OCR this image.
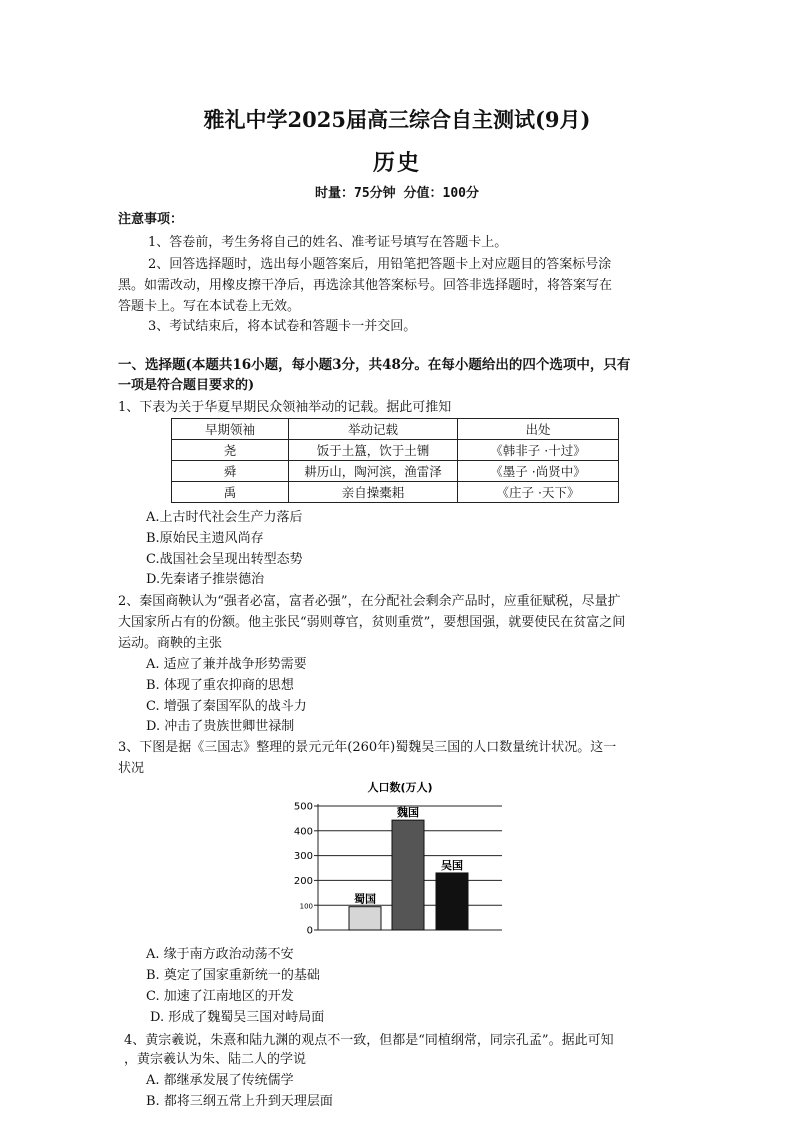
雅礼中学2025届高三综合自主测试(9月)
历史
时量：75分钟 分值：100分
注意事项：
1、答卷前，考生务将自己的姓名、准考证号填写在答题卡上。
2、回答选择题时，选出每小题答案后，用铅笔把答题卡上对应题目的答案标号涂
黑。如需改动，用橡皮擦干净后，再选涂其他答案标号。回答非选择题时，将答案写在
答题卡上。写在本试卷上无效。
3、考试结束后，将本试卷和答题卡一并交回。
一、选择题(本题共16小题，每小题3分，共48分。在每小题给出的四个选项中，只有
一项是符合题目要求的)
1、下表为关于华夏早期民众领袖举动的记载。据此可推知
早期领袖	举动记载	出处
尧	饭于土簋，饮于土铏	《韩非子 ·十过》
舜	耕历山，陶河滨，渔雷泽	《墨子 ·尚贤中》
禹	亲自操橐耜	《庄子 ·天下》
A.上古时代社会生产力落后
B.原始民主遗风尚存
C.战国社会呈现出转型态势
D.先秦诸子推崇德治
2、秦国商鞅认为“强者必富，富者必强”，在分配社会剩余产品时，应重征赋税，尽量扩
大国家所占有的份额。他主张民“弱则尊官，贫则重赏”，要想国强，就要使民在贫富之间
运动。商鞅的主张
A. 适应了兼并战争形势需要
B. 体现了重农抑商的思想
C. 增强了秦国军队的战斗力
D. 冲击了贵族世卿世禄制
3、下图是据《三国志》整理的景元元年(260年)蜀魏吴三国的人口数量统计状况。这一
状况
人口数(万人)
0
100
200
300
400
500
蜀国
魏国
吴国
A. 缘于南方政治动荡不安
B. 奠定了国家重新统一的基础
C. 加速了江南地区的开发
D. 形成了魏蜀吴三国对峙局面
4、黄宗羲说，朱熹和陆九渊的观点不一致，但都是“同植纲常，同宗孔孟”。据此可知
，黄宗羲认为朱、陆二人的学说
A. 都继承发展了传统儒学
B. 都将三纲五常上升到天理层面
